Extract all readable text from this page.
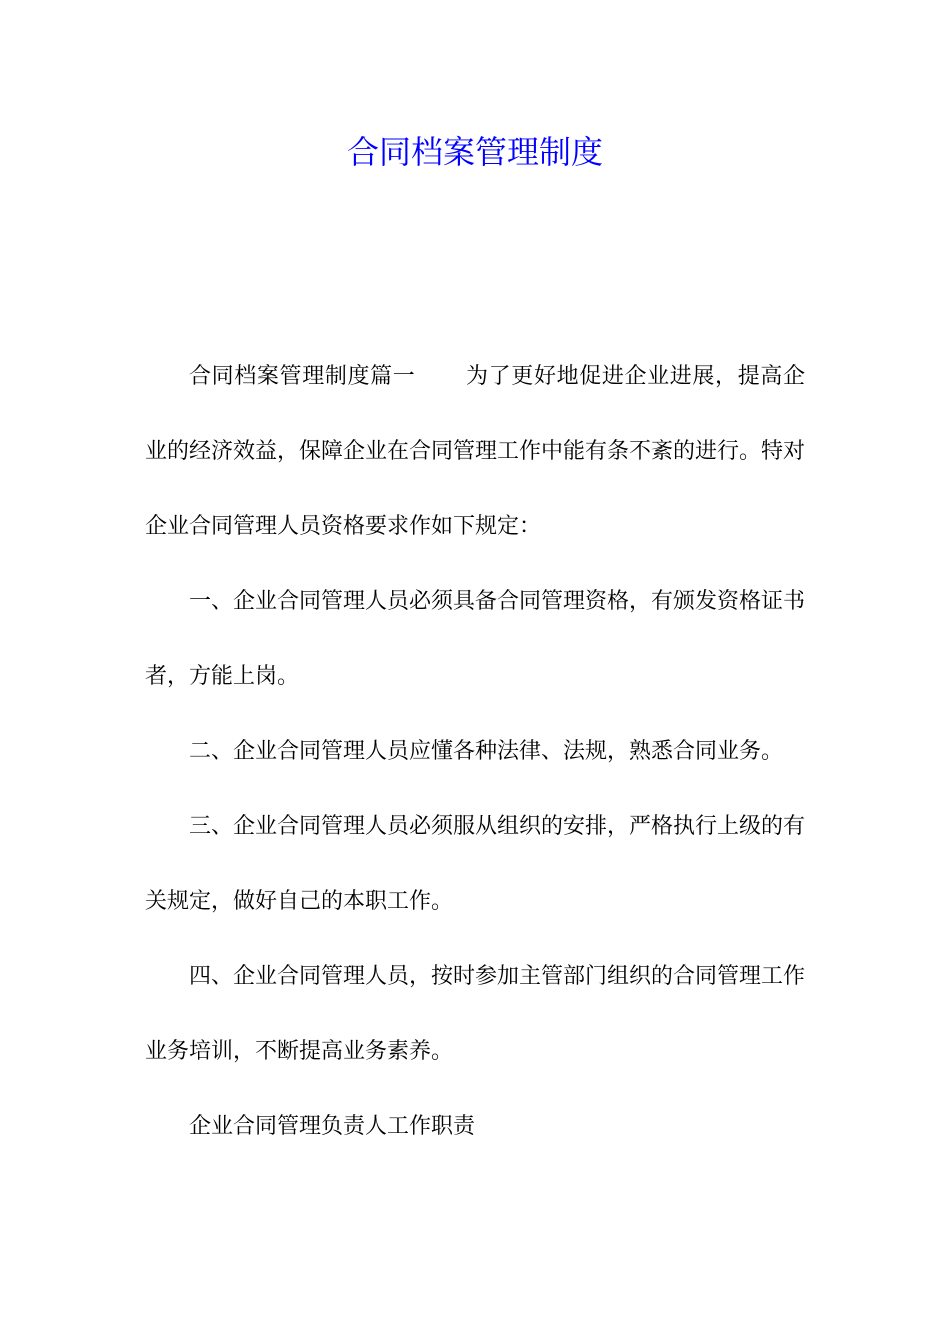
合同档案管理制度

合同档案管理制度篇一 为了更好地促进企业进展，提高企业的经济效益，保障企业在合同管理工作中能有条不紊的进行。特对企业合同管理人员资格要求作如下规定：

一、企业合同管理人员必须具备合同管理资格，有颁发资格证书者，方能上岗。

二、企业合同管理人员应懂各种法律、法规，熟悉合同业务。

三、企业合同管理人员必须服从组织的安排，严格执行上级的有关规定，做好自己的本职工作。

四、企业合同管理人员，按时参加主管部门组织的合同管理工作业务培训，不断提高业务素养。

企业合同管理负责人工作职责
